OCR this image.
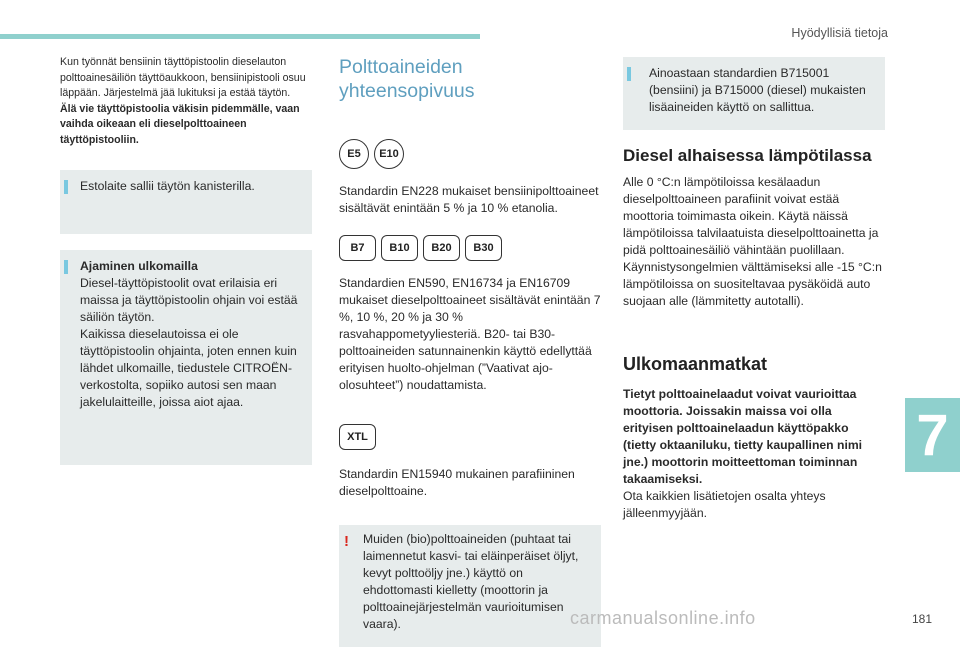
Hyödyllisiä tietoja

Kun työnnät bensiinin täyttöpistoolin dieselauton polttoainesäiliön täyttöaukkoon, bensiinipistooli osuu läppään. Järjestelmä jää lukituksi ja estää täytön.

Älä vie täyttöpistoolia väkisin pidemmälle, vaan vaihda oikeaan eli dieselpolttoaineen täyttöpistooliin.

Estolaite sallii täytön kanisterilla.

Ajaminen ulkomailla

Diesel-täyttöpistoolit ovat erilaisia eri maissa ja täyttöpistoolin ohjain voi estää säiliön täytön.

Kaikissa dieselautoissa ei ole täyttöpistoolin ohjainta, joten ennen kuin lähdet ulkomaille, tiedustele CITROËN-verkostolta, sopiiko autosi sen maan jakelulaitteille, joissa aiot ajaa.

Polttoaineiden yhteensopivuus
E5	E10

Standardin EN228 mukaiset bensiinipolttoaineet sisältävät enintään 5 % ja 10 % etanolia.

B7	B10	B20	B30

Standardien EN590, EN16734 ja EN16709 mukaiset dieselpolttoaineet sisältävät enintään 7 %, 10 %, 20 % ja 30 % rasvahappometyyliesteriä. B20- tai B30-polttoaineiden satunnainenkin käyttö edellyttää erityisen huolto-ohjelman (”Vaativat ajo-olosuhteet”) noudattamista.

XTL

Standardin EN15940 mukainen parafiininen dieselpolttoaine.

! Muiden (bio)polttoaineiden (puhtaat tai laimennetut kasvi- tai eläinperäiset öljyt, kevyt polttoöljy jne.) käyttö on ehdottomasti kielletty (moottorin ja polttoainejärjestelmän vaurioitumisen vaara).

Ainoastaan standardien B715001 (bensiini) ja B715000 (diesel) mukaisten lisäaineiden käyttö on sallittua.

Diesel alhaisessa lämpötilassa

Alle 0 °C:n lämpötiloissa kesälaadun dieselpolttoaineen parafiinit voivat estää moottoria toimimasta oikein. Käytä näissä lämpötiloissa talvilaatuista dieselpolttoainetta ja pidä polttoainesäiliö vähintään puolillaan.

Käynnistysongelmien välttämiseksi alle -15 °C:n lämpötiloissa on suositeltavaa pysäköidä auto suojaan alle (lämmitetty autotalli).

Ulkomaanmatkat

Tietyt polttoainelaadut voivat vaurioittaa moottoria. Joissakin maissa voi olla erityisen polttoainelaadun käyttöpakko (tietty oktaaniluku, tietty kaupallinen nimi jne.) moottorin moitteettoman toiminnan takaamiseksi.

Ota kaikkien lisätietojen osalta yhteys jälleenmyyjään.

7
carmanualsonline.info	181
